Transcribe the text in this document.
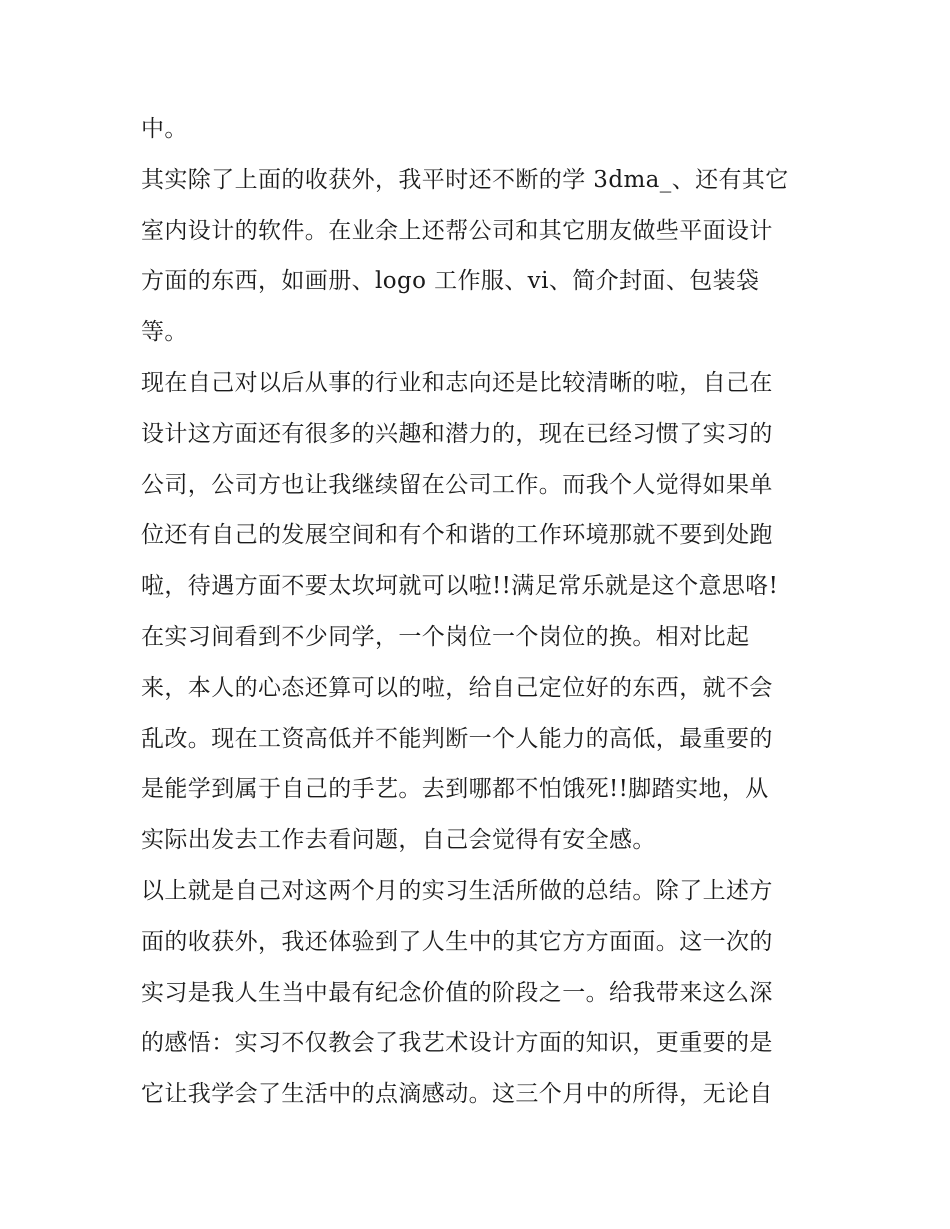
中。
其实除了上面的收获外，我平时还不断的学 3dma_、还有其它
室内设计的软件。在业余上还帮公司和其它朋友做些平面设计
方面的东西，如画册、logo 工作服、vi、简介封面、包装袋
等。
现在自己对以后从事的行业和志向还是比较清晰的啦，自己在
设计这方面还有很多的兴趣和潜力的，现在已经习惯了实习的
公司，公司方也让我继续留在公司工作。而我个人觉得如果单
位还有自己的发展空间和有个和谐的工作环境那就不要到处跑
啦，待遇方面不要太坎坷就可以啦!!满足常乐就是这个意思咯!
在实习间看到不少同学，一个岗位一个岗位的换。相对比起
来，本人的心态还算可以的啦，给自己定位好的东西，就不会
乱改。现在工资高低并不能判断一个人能力的高低，最重要的
是能学到属于自己的手艺。去到哪都不怕饿死!!脚踏实地，从
实际出发去工作去看问题，自己会觉得有安全感。
以上就是自己对这两个月的实习生活所做的总结。除了上述方
面的收获外，我还体验到了人生中的其它方方面面。这一次的
实习是我人生当中最有纪念价值的阶段之一。给我带来这么深
的感悟：实习不仅教会了我艺术设计方面的知识，更重要的是
它让我学会了生活中的点滴感动。这三个月中的所得，无论自
